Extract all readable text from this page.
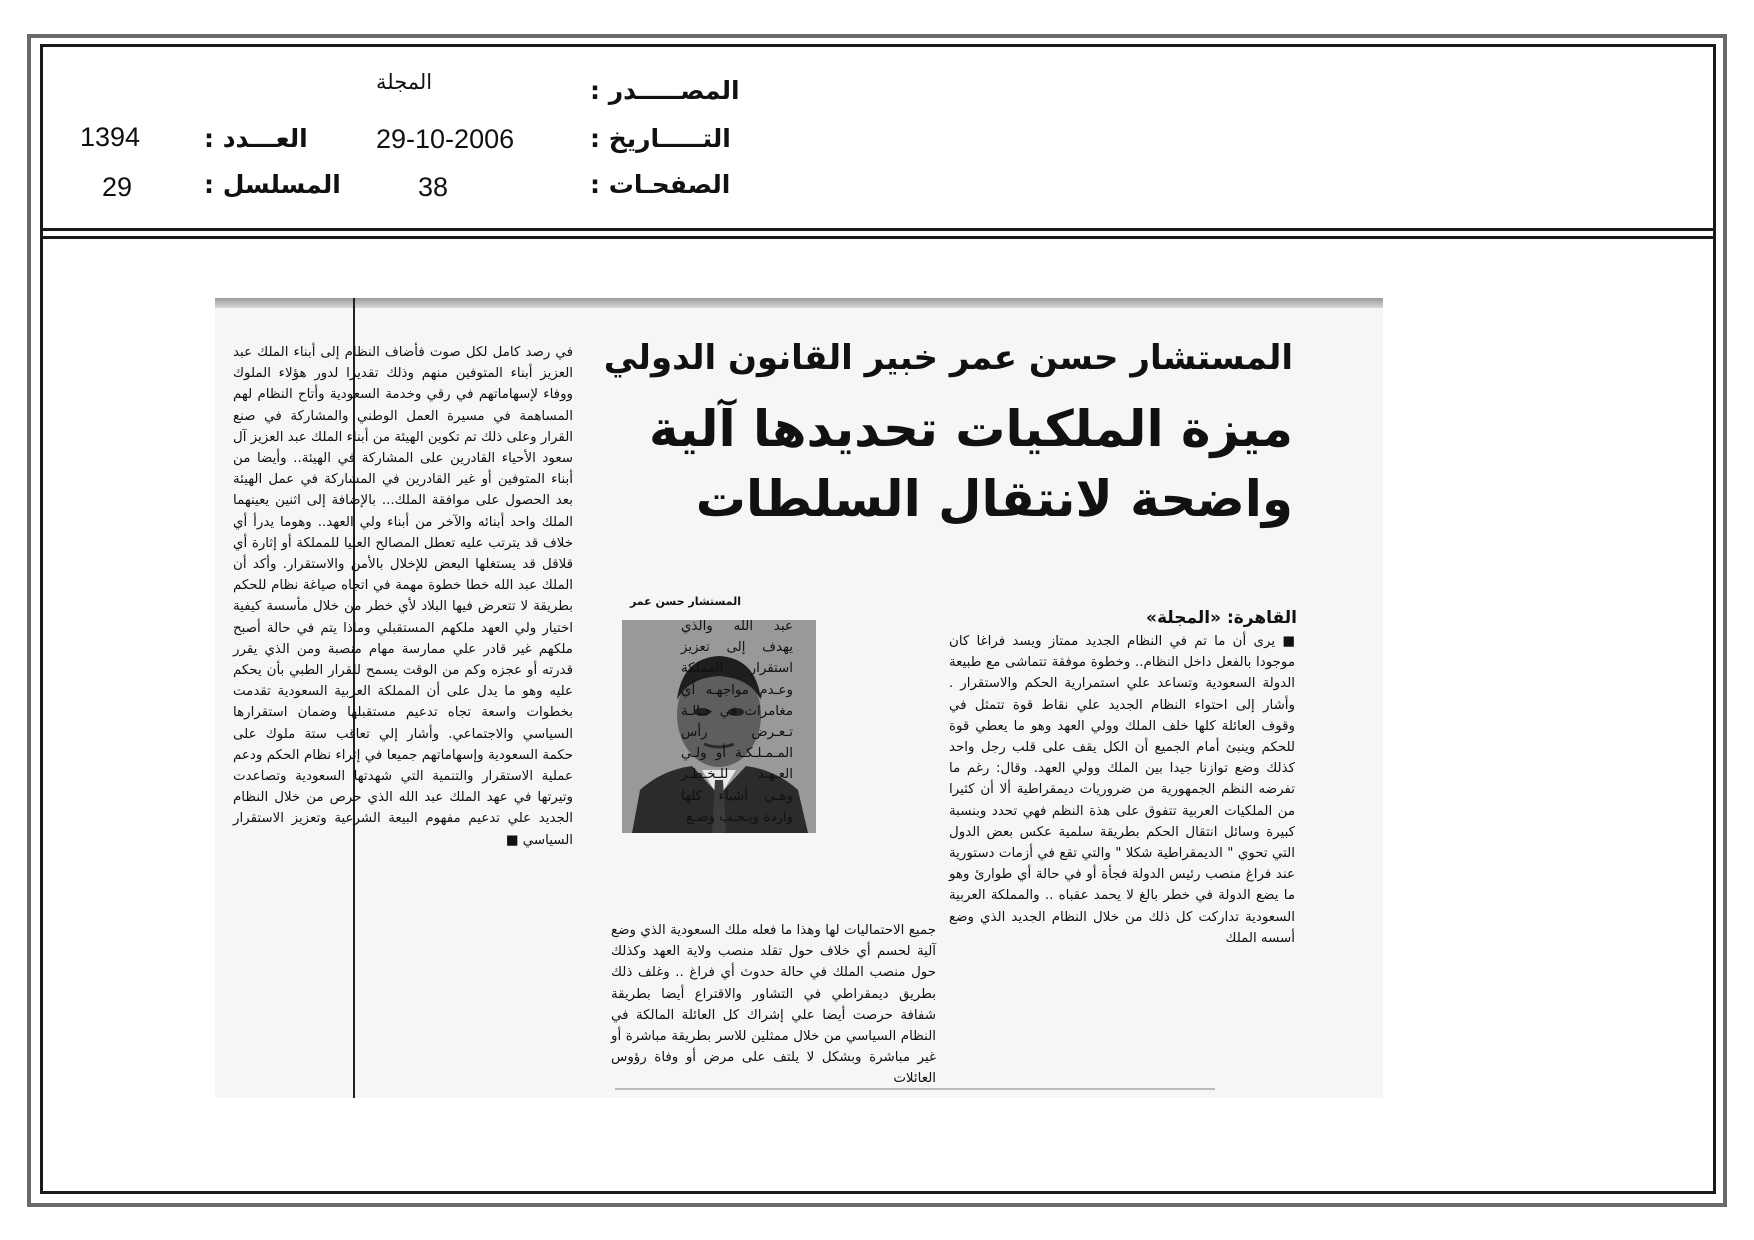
المصـــــدر :
المجلة
التـــــاريخ :
29-10-2006
الصفحـات :
38
العـــدد :
1394
المسلسل :
29
المستشار حسن عمر خبير القانون الدولي
ميزة الملكيات تحديدها آلية
واضحة لانتقال السلطات
القاهرة: «المجلة»
■ يرى أن ما تم في النظام الجديد ممتاز ويسد فراغا كان موجودا بالفعل داخل النظام.. وخطوة موفقة تتماشى مع طبيعة الدولة السعودية وتساعد علي استمرارية الحكم والاستقرار . وأشار إلى احتواء النظام الجديد علي نقاط قوة تتمثل في وقوف العائلة كلها خلف الملك وولي العهد وهو ما يعطي قوة للحكم وينبئ أمام الجميع أن الكل يقف على قلب رجل واحد كذلك وضع توازنا جيدا بين الملك وولي العهد. وقال: رغم ما تفرضه النظم الجمهورية من ضروريات ديمقراطية ألا أن كثيرا من الملكيات العربية تتفوق على هذة النظم فهي تحدد وبنسبة كبيرة وسائل انتقال الحكم بطريقة سلمية عكس بعض الدول التي تحوي " الديمقراطية شكلا " والتي تقع في أزمات دستورية عند فراغ منصب رئيس الدولة فجأة أو في حالة أي طوارئ وهو ما يضع الدولة في خطر بالغ لا يحمد عقباه .. والمملكة العربية السعودية تداركت كل ذلك من خلال النظام الجديد الذي وضع أسسه الملك
المستشار حسن عمر
عبد الله والذي يهدف إلى تعزيز استقرار المملكة وعـدم مواجهـه أي مغامرات في حـالـة تـعـرض رأس المـمـلـكـة أو ولـي العـهـد للـخـطـر وهـي أشياء كلها واردة ويـجـب وضـع
جميع الاحتماليات لها وهذا ما فعله ملك السعودية الذي وضع آلية لحسم أي خلاف حول تقلد منصب ولاية العهد وكذلك حول منصب الملك في حالة حدوث أي فراغ .. وغلف ذلك بطريق ديمقراطي في التشاور والاقتراع أيضا بطريقة شفافة حرصت أيضا علي إشراك كل العائلة المالكة في النظام السياسي من خلال ممثلين للاسر بطريقة مباشرة أو غير مباشرة وبشكل لا يلتف على مرض أو وفاة رؤوس العائلات
في رصد كامل لكل صوت فأضاف النظام إلى أبناء الملك عبد العزيز أبناء المتوفين منهم وذلك تقديرا لدور هؤلاء الملوك ووفاء لإسهاماتهم في رقي وخدمة السعودية وأتاح النظام لهم المساهمة في مسيرة العمل الوطني والمشاركة في صنع القرار وعلى ذلك تم تكوين الهيئة من أبناء الملك عبد العزيز آل سعود الأحياء القادرين على المشاركة في الهيئة.. وأيضا من أبناء المتوفين أو غير القادرين في المشاركة في عمل الهيئة بعد الحصول على موافقة الملك... بالإضافة إلى اثنين يعينهما الملك واحد أبنائه والآخر من أبناء ولي العهد.. وهوما يدرأ أي خلاف قد يترتب عليه تعطل المصالح العليا للمملكة أو إثارة أي قلاقل قد يستغلها البعض للإخلال بالأمن والاستقرار. وأكد أن الملك عبد الله خطا خطوة مهمة في اتجاه صياغة نظام للحكم بطريقة لا تتعرض فيها البلاد لأي خطر من خلال مأسسة كيفية اختيار ولي العهد ملكهم المستقبلي وماذا يتم في حالة أصبح ملكهم غير قادر علي ممارسة مهام منصبة ومن الذي يقرر قدرته أو عجزه وكم من الوقت يسمح للقرار الطبي بأن يحكم عليه وهو ما يدل على أن المملكة العربية السعودية تقدمت بخطوات واسعة تجاه تدعيم مستقبلها وضمان استقرارها السياسي والاجتماعي. وأشار إلي تعاقب ستة ملوك على حكمة السعودية وإسهاماتهم جميعا في إثراء نظام الحكم ودعم عملية الاستقرار والتنمية التي شهدتها السعودية وتصاعدت وتيرتها في عهد الملك عبد الله الذي حرص من خلال النظام الجديد علي تدعيم مفهوم البيعة الشرعية وتعزيز الاستقرار السياسي ■
